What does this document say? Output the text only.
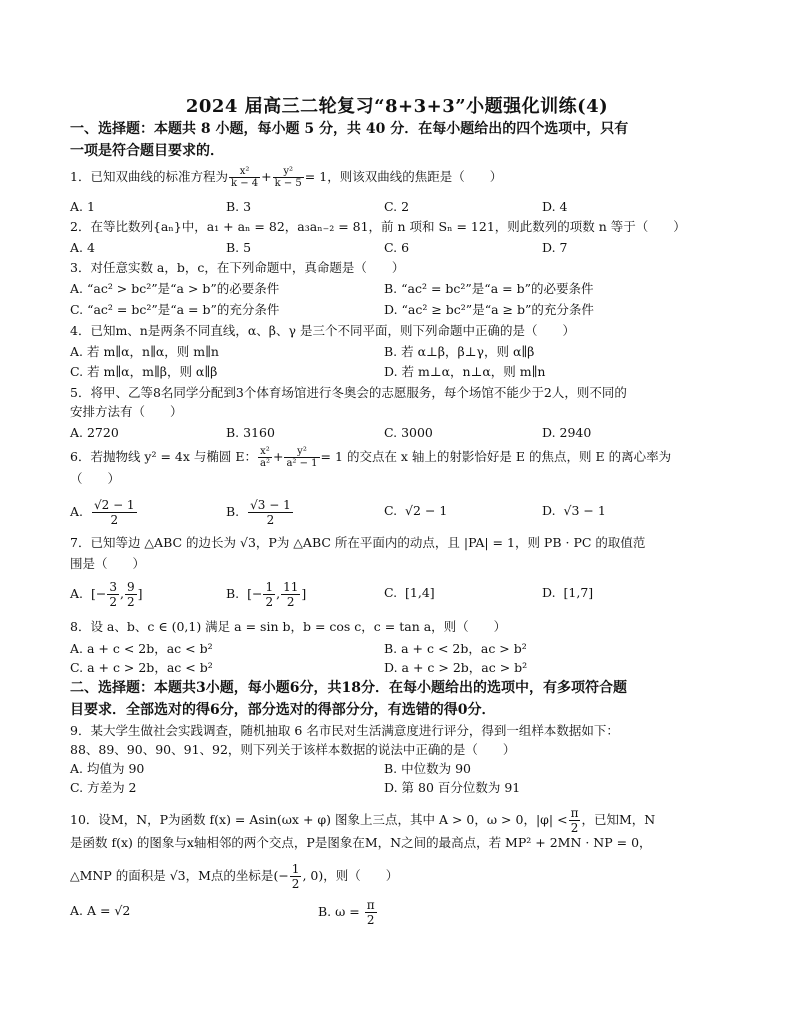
2024 届高三二轮复习“8+3+3”小题强化训练(4)
一、选择题：本题共 8 小题，每小题 5 分，共 40 分．在每小题给出的四个选项中，只有
一项是符合题目要求的．
1．已知双曲线的标准方程为 $\frac{\text{x²}}{k - 4} + \frac{\text{y²}}{k - 5} = 1$，则该双曲线的焦距是（　　）
A. 1	B. 3	C. 2	D. 4
2．在等比数列{aₙ}中，a₁ + aₙ = 82，a₃aₙ₋₂ = 81，前 n 项和 Sₙ = 121，则此数列的项数 n 等于（　　）
A. 4	B. 5	C. 6	D. 7
3．对任意实数 a，b，c，在下列命题中，真命题是（　　）
A. “ac² > bc²”是“a > b”的必要条件	B. “ac² = bc²”是“a = b”的必要条件
C. “ac² = bc²”是“a = b”的充分条件	D. “ac² ≥ bc²”是“a ≥ b”的充分条件
4．已知m、n是两条不同直线，α、β、γ 是三个不同平面，则下列命题中正确的是（　　）
A. 若 m∥α，n∥α，则 m∥n	B. 若 α⊥β，β⊥γ，则 α∥β
C. 若 m∥α，m∥β，则 α∥β	D. 若 m⊥α，n⊥α，则 m∥n
5．将甲、乙等8名同学分配到3个体育场馆进行冬奥会的志愿服务，每个场馆不能少于2人，则不同的
安排方法有（　　）
A. 2720	B. 3160	C. 3000	D. 2940
6．若抛物线 y² = 4x 与椭圆 E： $\frac{\text{x²}}{\text{a²}} + \frac{\text{y²}}{\text{a² − 1}} = 1$ 的交点在 x 轴上的射影恰好是 E 的焦点，则 E 的离心率为
（　　）
A. $\frac{√2 - 1}{2}$	B. $\frac{√3 - 1}{2}$	C. √2 − 1	D. √3 − 1
7．已知等边 △ABC 的边长为 √3，P为 △ABC 所在平面内的动点，且 |PA| = 1，则 PB · PC 的取值范
围是（　　）
A.  [− $\frac{3}{2}$ , $\frac{9}{2}$ ]	B.  [− $\frac{1}{2}$ , $\frac{11}{2}$ ]	C. [1,4]	D. [1,7]
8．设 a、b、c ∈ (0,1) 满足 a = sin b，b = cos c，c = tan a，则（　　）
A. a + c < 2b，ac < b²	B. a + c < 2b，ac > b²
C. a + c > 2b，ac < b²	D. a + c > 2b，ac > b²
二、选择题：本题共3小题，每小题6分，共18分．在每小题给出的选项中，有多项符合题
目要求．全部选对的得6分，部分选对的得部分分，有选错的得0分．
9．某大学生做社会实践调查，随机抽取 6 名市民对生活满意度进行评分，得到一组样本数据如下：
88、89、90、90、91、92，则下列关于该样本数据的说法中正确的是（　　）
A. 均值为 90	B. 中位数为 90
C. 方差为 2	D. 第 80 百分位数为 91
10．设M，N，P为函数 f(x) = Asin(ωx + φ) 图象上三点，其中 A > 0，ω > 0，$|\varphi| < \frac{\pi}{2}$ ，已知M，N
是函数 f(x) 的图象与x轴相邻的两个交点，P是图象在M，N之间的最高点，若 MP² + 2MN · NP = 0，
△MNP 的面积是 √3，M点的坐标是(− $\frac{1}{2}$ , 0)，则（　　）
A. A = √2	B. $\omega = \frac{\pi}{2}$
